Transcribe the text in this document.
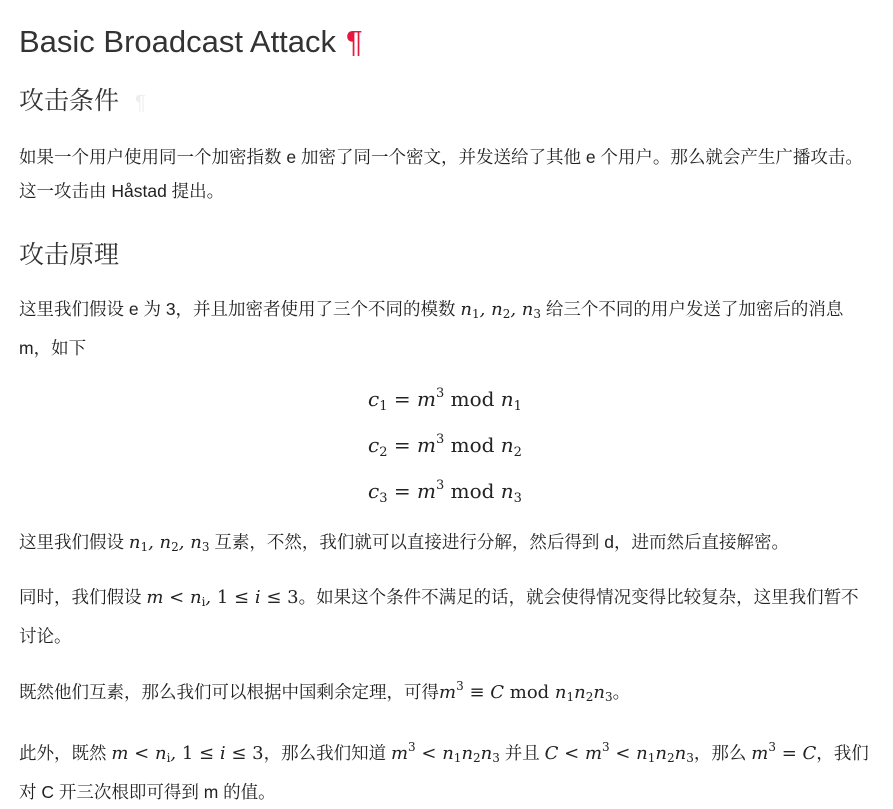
Basic Broadcast Attack ¶
攻击条件 ¶

如果一个用户使用同一个加密指数 e 加密了同一个密文，并发送给了其他 e 个用户。那么就会产生广播攻击。这一攻击由 Håstad 提出。

攻击原理

这里我们假设 e 为 3，并且加密者使用了三个不同的模数 $n_1$, $n_2$, $n_3$ 给三个不同的用户发送了加密后的消息 m，如下

$c_1 = m^3$ mod $n_1$
$c_2 = m^3$ mod $n_2$
$c_3 = m^3$ mod $n_3$

这里我们假设 $n_1$, $n_2$, $n_3$ 互素，不然，我们就可以直接进行分解，然后得到 d，进而然后直接解密。

同时，我们假设 $m < n_i$, 1 ≤ i ≤ 3。如果这个条件不满足的话，就会使得情况变得比较复杂，这里我们暂不讨论。

既然他们互素，那么我们可以根据中国剩余定理，可得$m^3 \equiv C$ mod $n_1n_2n_3$。

此外，既然 $m < n_i$, 1 ≤ i ≤ 3，那么我们知道 $m^3 < n_1n_2n_3$ 并且 $C < m^3 < n_1n_2n_3$，那么 $m^3 = C$，我们对 C 开三次根即可得到 m 的值。
